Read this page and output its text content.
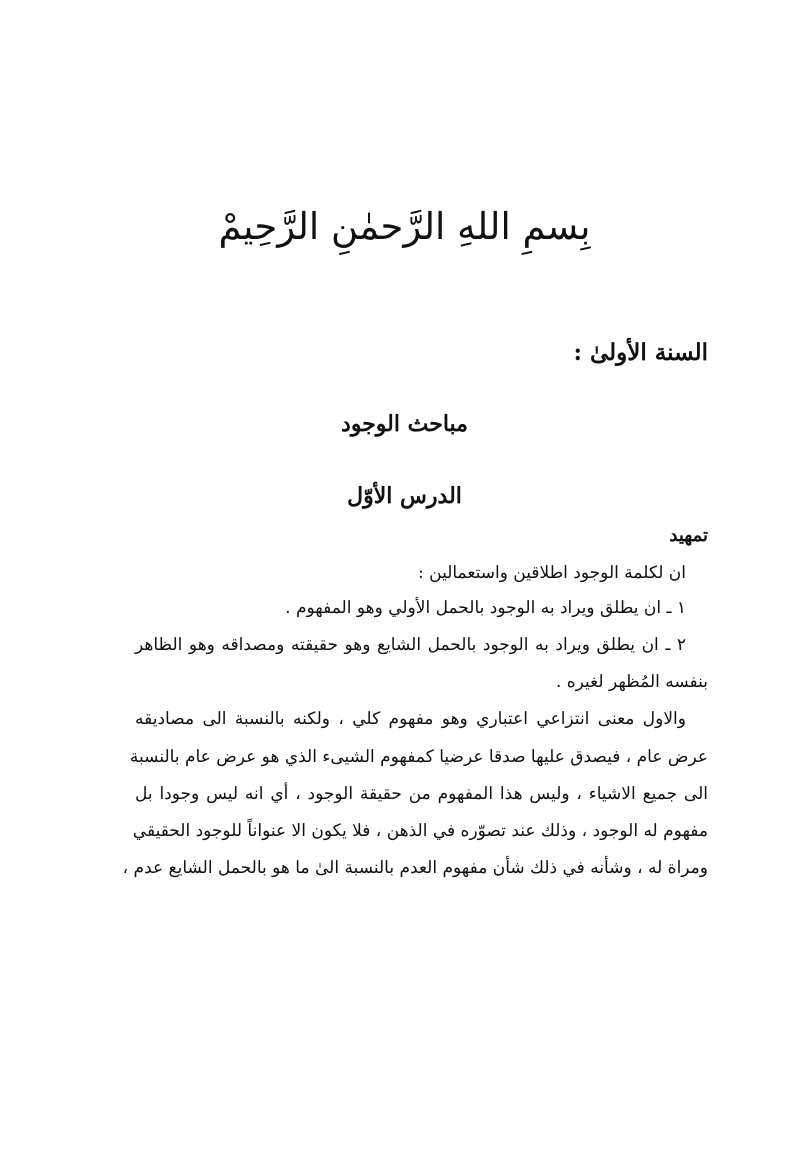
بِسمِ اللهِ الرَّحمٰنِ الرَّحِيمْ
السنة الأولىٰ :
مباحث الوجود
الدرس الأوّل
تمهيد
ان لكلمة الوجود اطلاقين واستعمالين :
١ ـ ان يطلق ويراد به الوجود بالحمل الأولي وهو المفهوم .
٢ ـ ان يطلق ويراد به الوجود بالحمل الشايع وهو حقيقته ومصداقه وهو الظاهر
بنفسه المُظهر لغيره .
والاول معنى انتزاعي اعتباري وهو مفهوم كلي ، ولكنه بالنسبة الى مصاديقه
عرض عام ، فيصدق عليها صدقا عرضيا كمفهوم الشيىء الذي هو عرض عام بالنسبة
الى جميع الاشياء ، وليس هذا المفهوم من حقيقة الوجود ، أي انه ليس وجودا بل
مفهوم له الوجود ، وذلك عند تصوّره في الذهن ، فلا يكون الا عنواناً للوجود الحقيقي
ومراة له ، وشأنه في ذلك شأن مفهوم العدم بالنسبة الىٰ ما هو بالحمل الشايع عدم ،
